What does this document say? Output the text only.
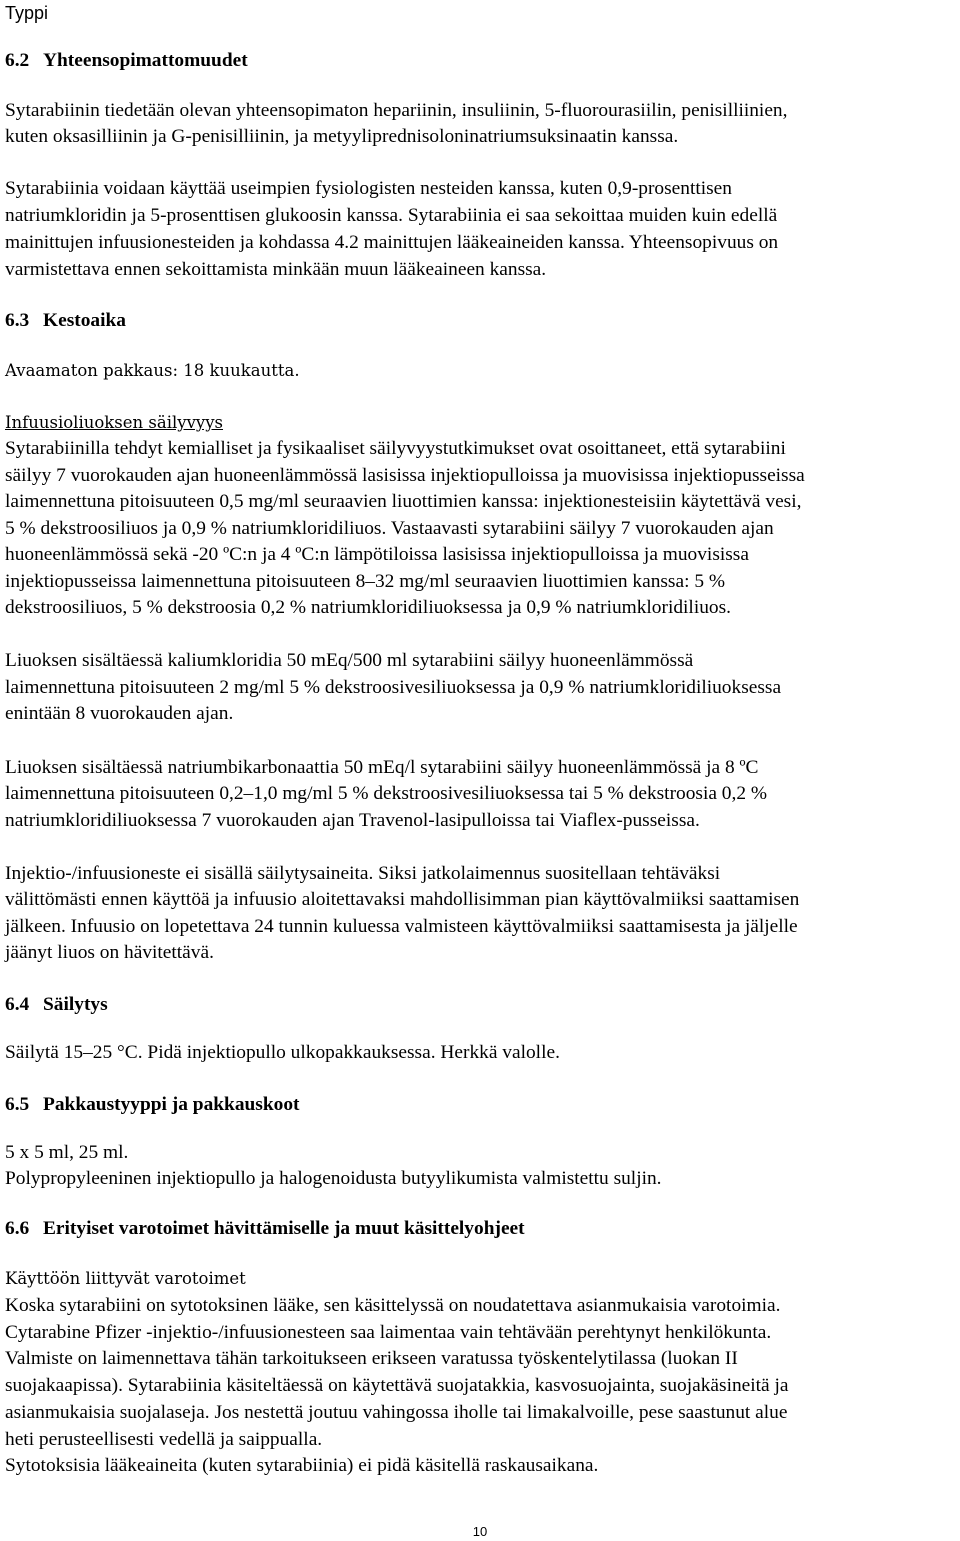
Typpi
6.2 Yhteensopimattomuudet
Sytarabiinin tiedetään olevan yhteensopimaton hepariinin, insuliinin, 5-fluorourasiilin, penisilliinien,
kuten oksasilliinin ja G-penisilliinin, ja metyyliprednisoloninatriumsuksinaatin kanssa.
Sytarabiinia voidaan käyttää useimpien fysiologisten nesteiden kanssa, kuten 0,9-prosenttisen
natriumkloridin ja 5-prosenttisen glukoosin kanssa. Sytarabiinia ei saa sekoittaa muiden kuin edellä
mainittujen infuusionesteiden ja kohdassa 4.2 mainittujen lääkeaineiden kanssa. Yhteensopivuus on
varmistettava ennen sekoittamista minkään muun lääkeaineen kanssa.
6.3 Kestoaika
Avaamaton pakkaus: 18 kuukautta.
Infuusioliuoksen säilyvyys
Sytarabiinilla tehdyt kemialliset ja fysikaaliset säilyvyystutkimukset ovat osoittaneet, että sytarabiini
säilyy 7 vuorokauden ajan huoneenlämmössä lasisissa injektiopulloissa ja muovisissa injektiopusseissa
laimennettuna pitoisuuteen 0,5 mg/ml seuraavien liuottimien kanssa: injektionesteisiin käytettävä vesi,
5 % dekstroosiliuos ja 0,9 % natriumkloridiliuos. Vastaavasti sytarabiini säilyy 7 vuorokauden ajan
huoneenlämmössä sekä -20 ºC:n ja 4 ºC:n lämpötiloissa lasisissa injektiopulloissa ja muovisissa
injektiopusseissa laimennettuna pitoisuuteen 8–32 mg/ml seuraavien liuottimien kanssa: 5 %
dekstroosiliuos, 5 % dekstroosia 0,2 % natriumkloridiliuoksessa ja 0,9 % natriumkloridiliuos.
Liuoksen sisältäessä kaliumkloridia 50 mEq/500 ml sytarabiini säilyy huoneenlämmössä
laimennettuna pitoisuuteen 2 mg/ml 5 % dekstroosivesiliuoksessa ja 0,9 % natriumkloridiliuoksessa
enintään 8 vuorokauden ajan.
Liuoksen sisältäessä natriumbikarbonaattia 50 mEq/l sytarabiini säilyy huoneenlämmössä ja 8 ºC
laimennettuna pitoisuuteen 0,2–1,0 mg/ml 5 % dekstroosivesiliuoksessa tai 5 % dekstroosia 0,2 %
natriumkloridiliuoksessa 7 vuorokauden ajan Travenol-lasipulloissa tai Viaflex-pusseissa.
Injektio-/infuusioneste ei sisällä säilytysaineita. Siksi jatkolaimennus suositellaan tehtäväksi
välittömästi ennen käyttöä ja infuusio aloitettavaksi mahdollisimman pian käyttövalmiiksi saattamisen
jälkeen. Infuusio on lopetettava 24 tunnin kuluessa valmisteen käyttövalmiiksi saattamisesta ja jäljelle
jäänyt liuos on hävitettävä.
6.4 Säilytys
Säilytä 15–25 °C. Pidä injektiopullo ulkopakkauksessa. Herkkä valolle.
6.5 Pakkaustyyppi ja pakkauskoot
5 x 5 ml, 25 ml.
Polypropyleeninen injektiopullo ja halogenoidusta butyylikumista valmistettu suljin.
6.6 Erityiset varotoimet hävittämiselle ja muut käsittelyohjeet
Käyttöön liittyvät varotoimet
Koska sytarabiini on sytotoksinen lääke, sen käsittelyssä on noudatettava asianmukaisia varotoimia.
Cytarabine Pfizer -injektio-/infuusionesteen saa laimentaa vain tehtävään perehtynyt henkilökunta.
Valmiste on laimennettava tähän tarkoitukseen erikseen varatussa työskentelytilassa (luokan II
suojakaapissa). Sytarabiinia käsiteltäessä on käytettävä suojatakkia, kasvosuojainta, suojakäsineitä ja
asianmukaisia suojalaseja. Jos nestettä joutuu vahingossa iholle tai limakalvoille, pese saastunut alue
heti perusteellisesti vedellä ja saippualla.
Sytotoksisia lääkeaineita (kuten sytarabiinia) ei pidä käsitellä raskausaikana.
10
